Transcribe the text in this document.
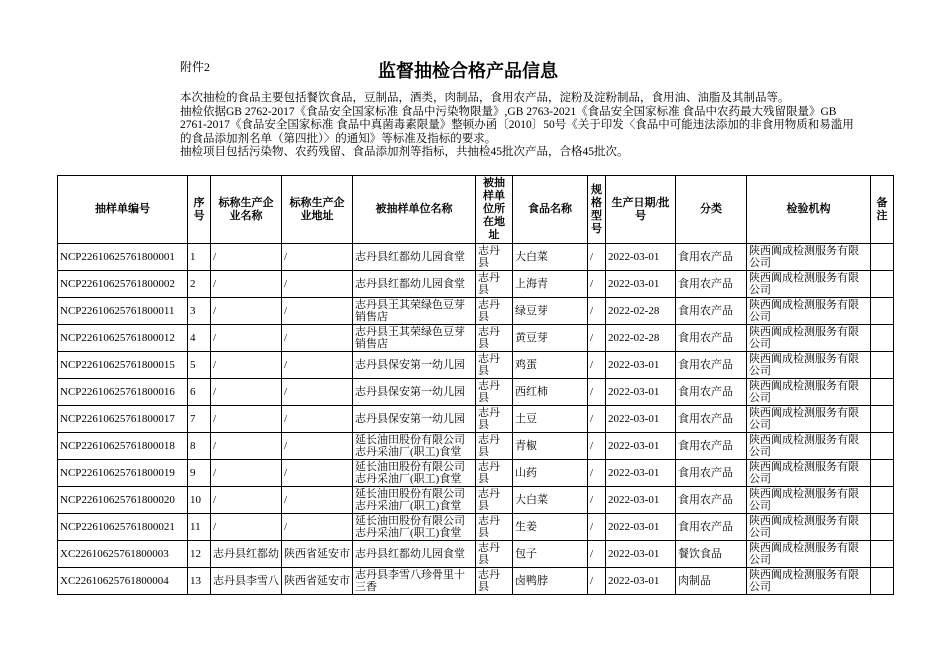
附件2	监督抽检合格产品信息
本次抽检的食品主要包括餐饮食品，豆制品，酒类，肉制品，食用农产品，淀粉及淀粉制品，食用油、油脂及其制品等。
抽检依据GB 2762-2017《食品安全国家标准 食品中污染物限量》,GB 2763-2021《食品安全国家标准 食品中农药最大残留限量》GB 2761-2017《食品安全国家标准 食品中真菌毒素限量》整顿办函〔2010〕50号《关于印发〈食品中可能违法添加的非食用物质和易滥用的食品添加剂名单（第四批）〉的通知》等标准及指标的要求。
抽检项目包括污染物、农药残留、食品添加剂等指标，共抽检45批次产品，合格45批次。
抽样单编号	序号	标称生产企业名称	标称生产企业地址	被抽样单位名称	被抽样单位所在地址	食品名称	规格型号	生产日期/批号	分类	检验机构	备注
NCP22610625761800001	1	/	/	志丹县红都幼儿园食堂	志丹县	大白菜	/	2022-03-01	食用农产品	陕西阗成检测服务有限公司	
NCP22610625761800002	2	/	/	志丹县红都幼儿园食堂	志丹县	上海青	/	2022-03-01	食用农产品	陕西阗成检测服务有限公司	
NCP22610625761800011	3	/	/	志丹县王其荣绿色豆芽销售店	志丹县	绿豆芽	/	2022-02-28	食用农产品	陕西阗成检测服务有限公司	
NCP22610625761800012	4	/	/	志丹县王其荣绿色豆芽销售店	志丹县	黄豆芽	/	2022-02-28	食用农产品	陕西阗成检测服务有限公司	
NCP22610625761800015	5	/	/	志丹县保安第一幼儿园	志丹县	鸡蛋	/	2022-03-01	食用农产品	陕西阗成检测服务有限公司	
NCP22610625761800016	6	/	/	志丹县保安第一幼儿园	志丹县	西红柿	/	2022-03-01	食用农产品	陕西阗成检测服务有限公司	
NCP22610625761800017	7	/	/	志丹县保安第一幼儿园	志丹县	土豆	/	2022-03-01	食用农产品	陕西阗成检测服务有限公司	
NCP22610625761800018	8	/	/	延长油田股份有限公司志丹采油厂(职工)食堂	志丹县	青椒	/	2022-03-01	食用农产品	陕西阗成检测服务有限公司	
NCP22610625761800019	9	/	/	延长油田股份有限公司志丹采油厂(职工)食堂	志丹县	山药	/	2022-03-01	食用农产品	陕西阗成检测服务有限公司	
NCP22610625761800020	10	/	/	延长油田股份有限公司志丹采油厂(职工)食堂	志丹县	大白菜	/	2022-03-01	食用农产品	陕西阗成检测服务有限公司	
NCP22610625761800021	11	/	/	延长油田股份有限公司志丹采油厂(职工)食堂	志丹县	生姜	/	2022-03-01	食用农产品	陕西阗成检测服务有限公司	
XC22610625761800003	12	志丹县红都幼	陕西省延安市	志丹县红都幼儿园食堂	志丹县	包子	/	2022-03-01	餐饮食品	陕西阗成检测服务有限公司	
XC22610625761800004	13	志丹县李雪八	陕西省延安市	志丹县李雪八珍骨里十三香	志丹县	卤鸭脖	/	2022-03-01	肉制品	陕西阗成检测服务有限公司	
